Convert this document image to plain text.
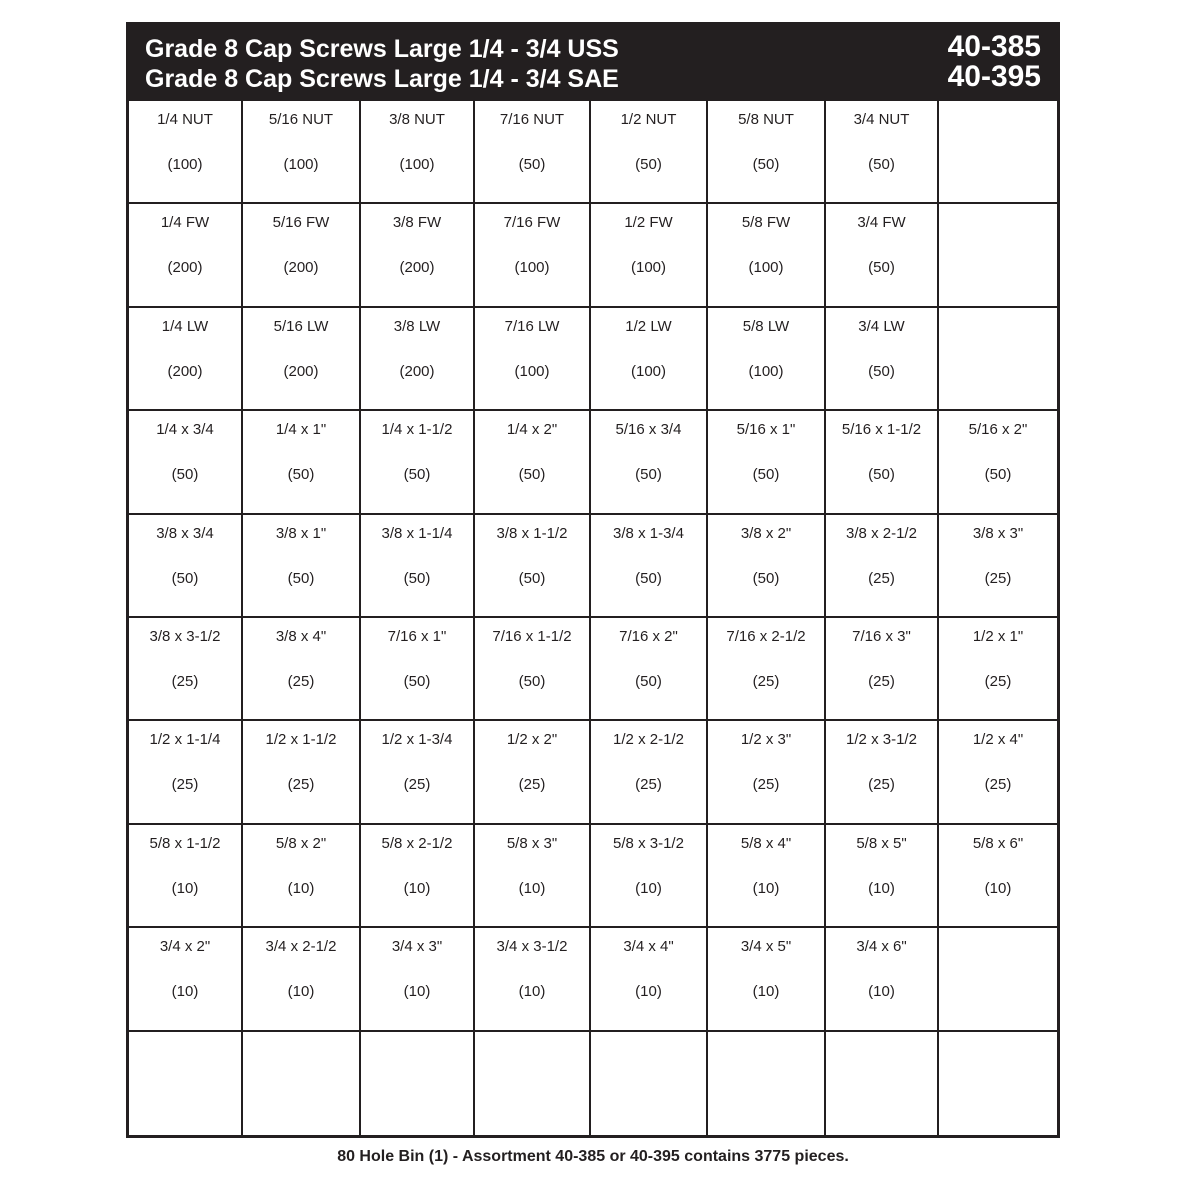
Grade 8 Cap Screws Large 1/4 - 3/4 USS
Grade 8 Cap Screws Large 1/4 - 3/4 SAE
40-385
40-395
1/4 NUT
(100)
5/16 NUT
(100)
3/8 NUT
(100)
7/16 NUT
(50)
1/2 NUT
(50)
5/8 NUT
(50)
3/4 NUT
(50)
1/4 FW
(200)
5/16 FW
(200)
3/8 FW
(200)
7/16 FW
(100)
1/2 FW
(100)
5/8 FW
(100)
3/4 FW
(50)
1/4 LW
(200)
5/16 LW
(200)
3/8 LW
(200)
7/16 LW
(100)
1/2 LW
(100)
5/8 LW
(100)
3/4 LW
(50)
1/4 x 3/4
(50)
1/4 x 1"
(50)
1/4 x 1-1/2
(50)
1/4 x 2"
(50)
5/16 x 3/4
(50)
5/16 x 1"
(50)
5/16 x 1-1/2
(50)
5/16 x 2"
(50)
3/8 x 3/4
(50)
3/8 x 1"
(50)
3/8 x 1-1/4
(50)
3/8 x 1-1/2
(50)
3/8 x 1-3/4
(50)
3/8 x 2"
(50)
3/8 x 2-1/2
(25)
3/8 x 3"
(25)
3/8 x 3-1/2
(25)
3/8 x 4"
(25)
7/16 x 1"
(50)
7/16 x 1-1/2
(50)
7/16 x 2"
(50)
7/16 x 2-1/2
(25)
7/16 x 3"
(25)
1/2 x 1"
(25)
1/2 x 1-1/4
(25)
1/2 x 1-1/2
(25)
1/2 x 1-3/4
(25)
1/2 x 2"
(25)
1/2 x 2-1/2
(25)
1/2 x 3"
(25)
1/2 x 3-1/2
(25)
1/2 x 4"
(25)
5/8 x 1-1/2
(10)
5/8 x 2"
(10)
5/8 x 2-1/2
(10)
5/8 x 3"
(10)
5/8 x 3-1/2
(10)
5/8 x 4"
(10)
5/8 x 5"
(10)
5/8 x 6"
(10)
3/4 x 2"
(10)
3/4 x 2-1/2
(10)
3/4 x 3"
(10)
3/4 x 3-1/2
(10)
3/4 x 4"
(10)
3/4 x 5"
(10)
3/4 x 6"
(10)
80 Hole Bin (1) - Assortment 40-385 or 40-395 contains 3775 pieces.
